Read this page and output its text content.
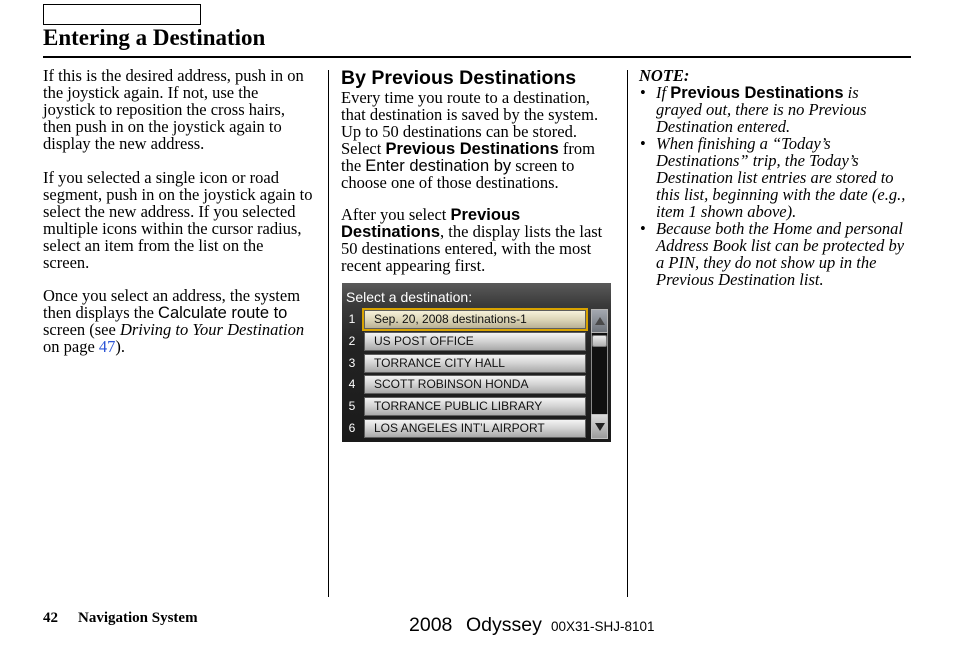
Entering a Destination
If this is the desired address, push in on
the joystick again. If not, use the
joystick to reposition the cross hairs,
then push in on the joystick again to
display the new address.
If you selected a single icon or road
segment, push in on the joystick again to
select the new address. If you selected
multiple icons within the cursor radius,
select an item from the list on the
screen.
Once you select an address, the system
then displays the Calculate route to
screen (see Driving to Your Destination
on page 47).
By Previous Destinations
Every time you route to a destination,
that destination is saved by the system.
Up to 50 destinations can be stored.
Select Previous Destinations from
the Enter destination by screen to
choose one of those destinations.
After you select Previous
Destinations, the display lists the last
50 destinations entered, with the most
recent appearing first.
Select a destination:
1	Sep. 20, 2008 destinations-1
2	US POST OFFICE
3	TORRANCE CITY HALL
4	SCOTT ROBINSON HONDA
5	TORRANCE PUBLIC LIBRARY
6	LOS ANGELES INT’L AIRPORT
NOTE:
• If Previous Destinations is
grayed out, there is no Previous
Destination entered.
• When finishing a “Today’s
Destinations” trip, the Today’s
Destination list entries are stored to
this list, beginning with the date (e.g.,
item 1 shown above).
• Because both the Home and personal
Address Book list can be protected by
a PIN, they do not show up in the
Previous Destination list.
42 Navigation System	2008 Odyssey 00X31-SHJ-8101
